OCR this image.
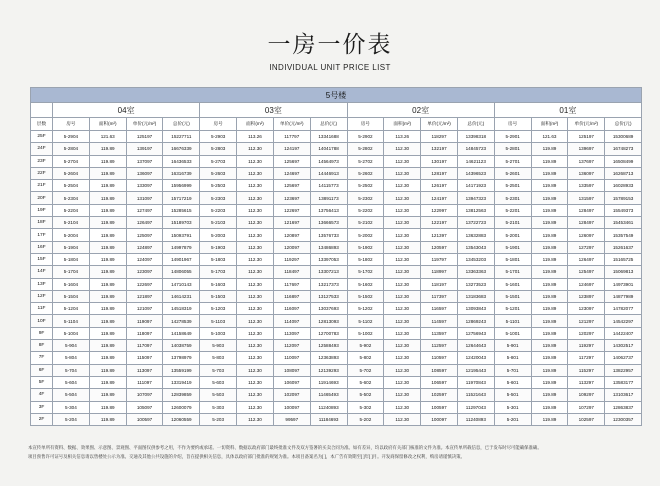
一房一价表
INDIVIDUAL UNIT PRICE LIST
5号楼																
	04室				03室				02室				01室			
层数	房号	面积(m²)	单价(元/m²)	总价(元)	房号	面积(m²)	单价(元/m²)	总价(元)	房号	面积(m²)	单价(元/m²)	总价(元)	房号	面积(m²)	单价(元/m²)	总价(元)
25F	5-2904	121.63	125197	15227711	5-2903	113.26	117797	13341688	5-2902	113.26	118297	13398318	5-2901	121.63	125197	15300689
24F	5-2804	119.89	139197	16676339	5-2803	112.30	124197	14041788	5-2802	112.30	132197	14845723	5-2801	119.89	139697	16748273
23F	5-2704	119.89	137097	16436533	5-2703	112.30	125697	14564973	5-2702	112.30	130197	14621123	5-2701	119.89	137697	16508499
22F	5-2604	119.89	136097	16316739	5-2603	112.30	124697	14446913	5-2602	112.30	128197	14396523	5-2601	119.89	136097	16268713
21F	5-2504	119.89	133097	15956999	5-2503	112.30	125697	14115773	5-2502	112.30	126197	14171923	5-2501	119.89	133597	16028933
20F	5-2304	119.89	131097	15717219	5-2303	112.30	123697	13891173	5-2302	112.30	124197	13947323	5-2301	119.89	131597	15789153
19F	5-2204	119.89	127497	15285615	5-2203	112.30	122697	13756413	5-2202	112.30	122997	13812563	5-2201	119.89	128497	15549373
18F	5-2104	119.89	126497	15189703	5-2103	112.30	121697	13666573	5-2102	112.30	122197	13722723	5-2101	119.89	128497	15453461
17F	5-2004	119.89	125097	15093791	5-2003	112.30	120897	13576733	5-2002	112.30	121397	13632883	5-2001	119.89	126097	15357549
16F	5-1904	119.89	124897	14997879	5-1903	112.30	120097	13486893	5-1902	112.30	120597	13543043	5-1901	119.89	127297	15261637
15F	5-1804	119.89	124097	14901967	5-1803	112.30	119297	13397053	5-1802	112.30	119797	13453203	5-1801	119.89	126497	15165725
14F	5-1704	119.89	123097	14806055	5-1703	112.30	118497	13307213	5-1702	112.30	118997	13363363	5-1701	119.89	125497	15069813
13F	5-1604	119.89	122697	14710143	5-1603	112.30	117697	13217373	5-1602	112.30	118197	13273523	5-1601	119.89	124697	14973901
12F	5-1504	119.89	121897	14614231	5-1503	112.30	116897	13127533	5-1502	112.30	117397	13183683	5-1501	119.89	123897	14877989
11F	5-1204	119.89	121097	14518319	5-1203	112.30	116097	13037693	5-1202	112.30	116597	13093843	5-1201	119.89	123097	14782077
10F	5-1104	119.89	119097	14278539	5-1103	112.30	114097	12813093	5-1102	112.30	114597	12869243	5-1101	119.89	121297	14542297
9F	5-1004	119.89	118097	14158649	5-1003	112.30	113097	12700783	5-1002	112.30	113597	12756943	5-1001	119.89	120297	14422407
8F	5-904	119.89	117097	14038759	5-903	112.30	112097	12588493	5-902	112.30	112597	12644643	5-901	119.89	119297	14302517
7F	5-804	119.89	115097	13798979	5-803	112.30	110097	12363893	5-802	112.30	110597	12420043	5-801	119.89	117297	14062737
6F	5-704	119.89	113097	13559199	5-703	112.30	108097	12139293	5-702	112.30	108597	12195443	5-701	119.89	115297	13822957
5F	5-604	119.89	111097	13319419	5-603	112.30	106097	11914693	5-602	112.30	106597	11970843	5-601	119.89	113297	13583177
4F	5-504	119.89	107097	12839859	5-503	112.30	102097	11465493	5-502	112.30	102597	11521643	5-501	119.89	109297	13103617
3F	5-304	119.89	105097	12600079	5-303	112.30	100097	11240893	5-302	112.30	100597	11297043	5-301	119.89	107297	12863837
2F	5-204	119.89	100597	12060559	5-203	112.30	99597	11184693	5-202	112.30	100097	11240893	5-201	119.89	102597	12300357
本宣传单所有资料、数据、效果图、示意图、景观图、平面图仅供参考之用，不作为要约或承诺。一切资料、数据以政府部门最终批准文件及双方签署的买卖合同为准。如有差异，均以政府有关部门核准的文件为准。本宣传单所载信息，已于发布时尽可能确保准确。
项目预售许可证号及相关信息请以售楼处公示为准。交通及其他公共设施的介绍，旨在提供相关信息，具体以政府部门批准的规划为准。本项目备案名为[ ]，本广告有效期至[ ]年[ ]月。开发商保留修改之权利，购房请谨慎决策。
